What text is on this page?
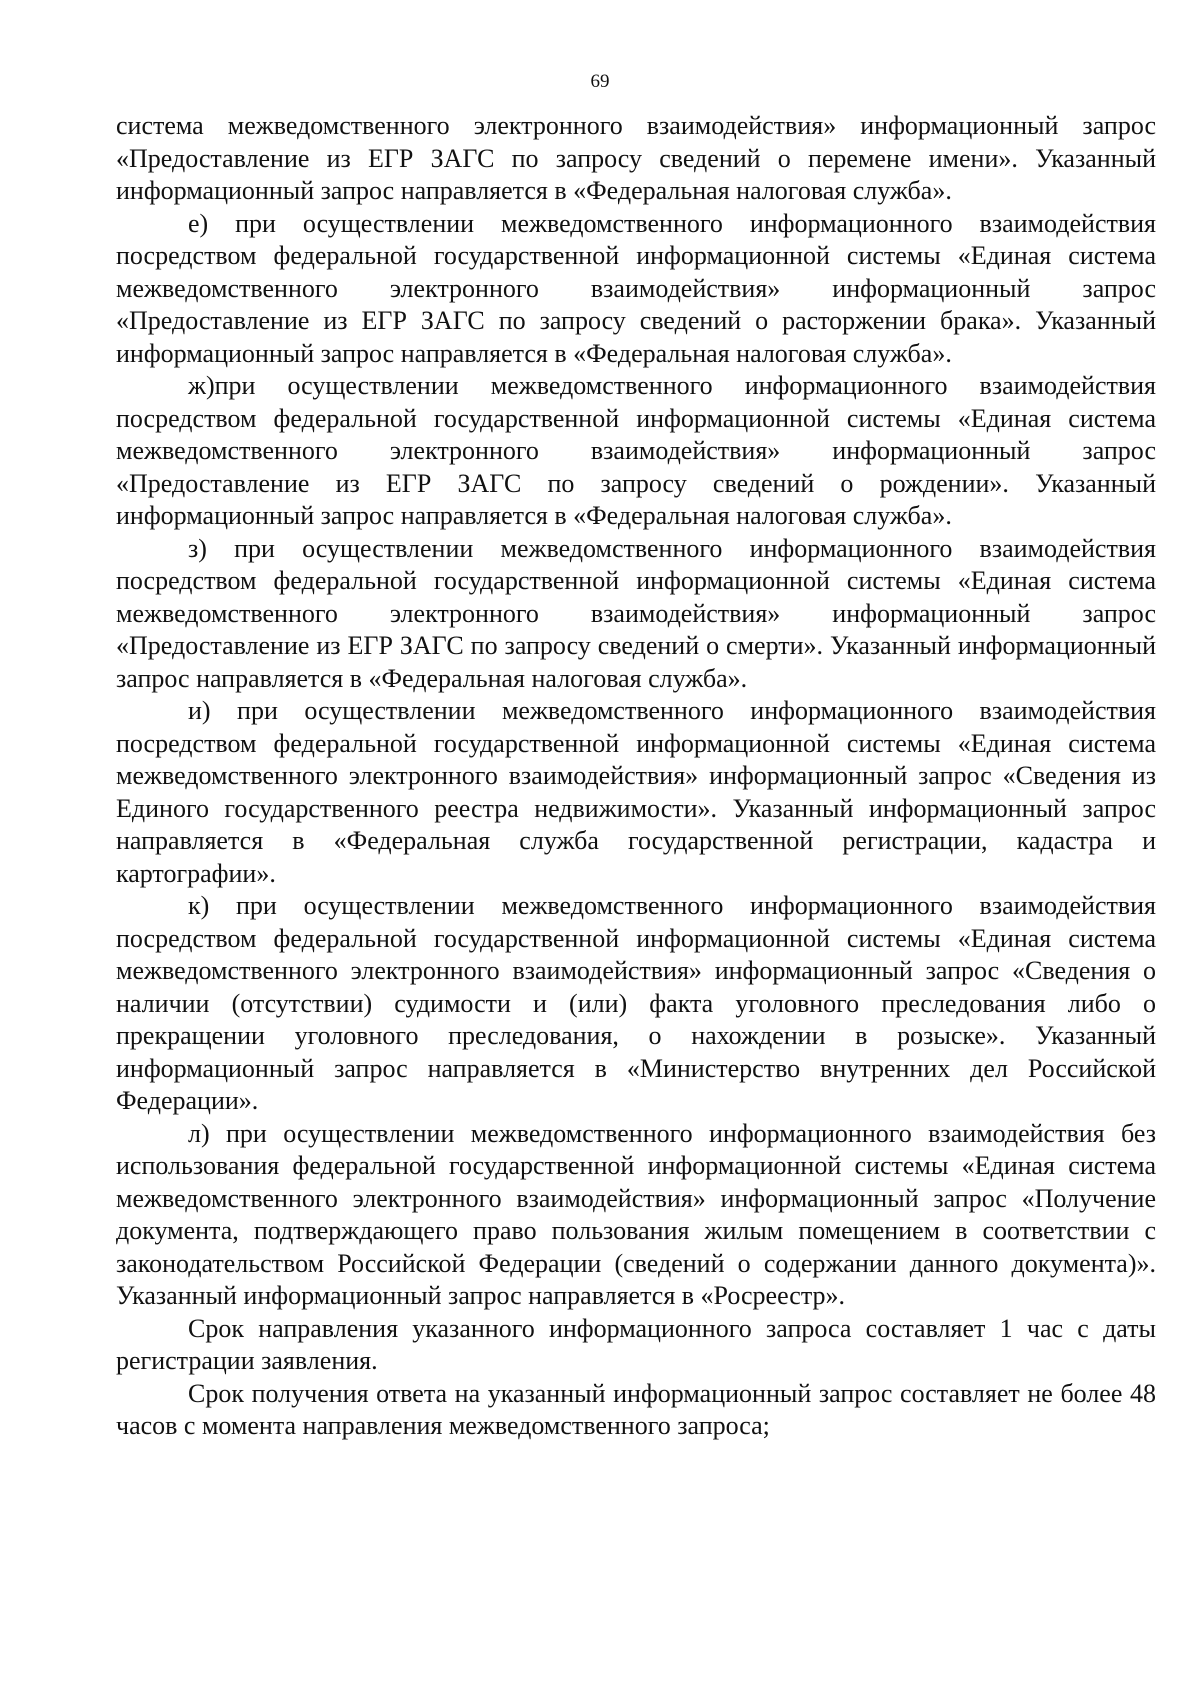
69

система межведомственного электронного взаимодействия» информационный запрос «Предоставление из ЕГР ЗАГС по запросу сведений о перемене имени». Указанный информационный запрос направляется в «Федеральная налоговая служба».

е) при осуществлении межведомственного информационного взаимодействия посредством федеральной государственной информационной системы «Единая система межведомственного электронного взаимодействия» информационный запрос «Предоставление из ЕГР ЗАГС по запросу сведений о расторжении брака». Указанный информационный запрос направляется в «Федеральная налоговая служба».

ж)при осуществлении межведомственного информационного взаимодействия посредством федеральной государственной информационной системы «Единая система межведомственного электронного взаимодействия» информационный запрос «Предоставление из ЕГР ЗАГС по запросу сведений о рождении». Указанный информационный запрос направляется в «Федеральная налоговая служба».

з) при осуществлении межведомственного информационного взаимодействия посредством федеральной государственной информационной системы «Единая система межведомственного электронного взаимодействия» информационный запрос «Предоставление из ЕГР ЗАГС по запросу сведений о смерти». Указанный информационный запрос направляется в «Федеральная налоговая служба».

и) при осуществлении межведомственного информационного взаимодействия посредством федеральной государственной информационной системы «Единая система межведомственного электронного взаимодействия» информационный запрос «Сведения из Единого государственного реестра недвижимости». Указанный информационный запрос направляется в «Федеральная служба государственной регистрации, кадастра и картографии».

к) при осуществлении межведомственного информационного взаимодействия посредством федеральной государственной информационной системы «Единая система межведомственного электронного взаимодействия» информационный запрос «Сведения о наличии (отсутствии) судимости и (или) факта уголовного преследования либо о прекращении уголовного преследования, о нахождении в розыске». Указанный информационный запрос направляется в «Министерство внутренних дел Российской Федерации».

л) при осуществлении межведомственного информационного взаимодействия без использования федеральной государственной информационной системы «Единая система межведомственного электронного взаимодействия» информационный запрос «Получение документа, подтверждающего право пользования жилым помещением в соответствии с законодательством Российской Федерации (сведений о содержании данного документа)». Указанный информационный запрос направляется в «Росреестр».

Срок направления указанного информационного запроса составляет 1 час с даты регистрации заявления.

Срок получения ответа на указанный информационный запрос составляет не более 48 часов с момента направления межведомственного запроса;
